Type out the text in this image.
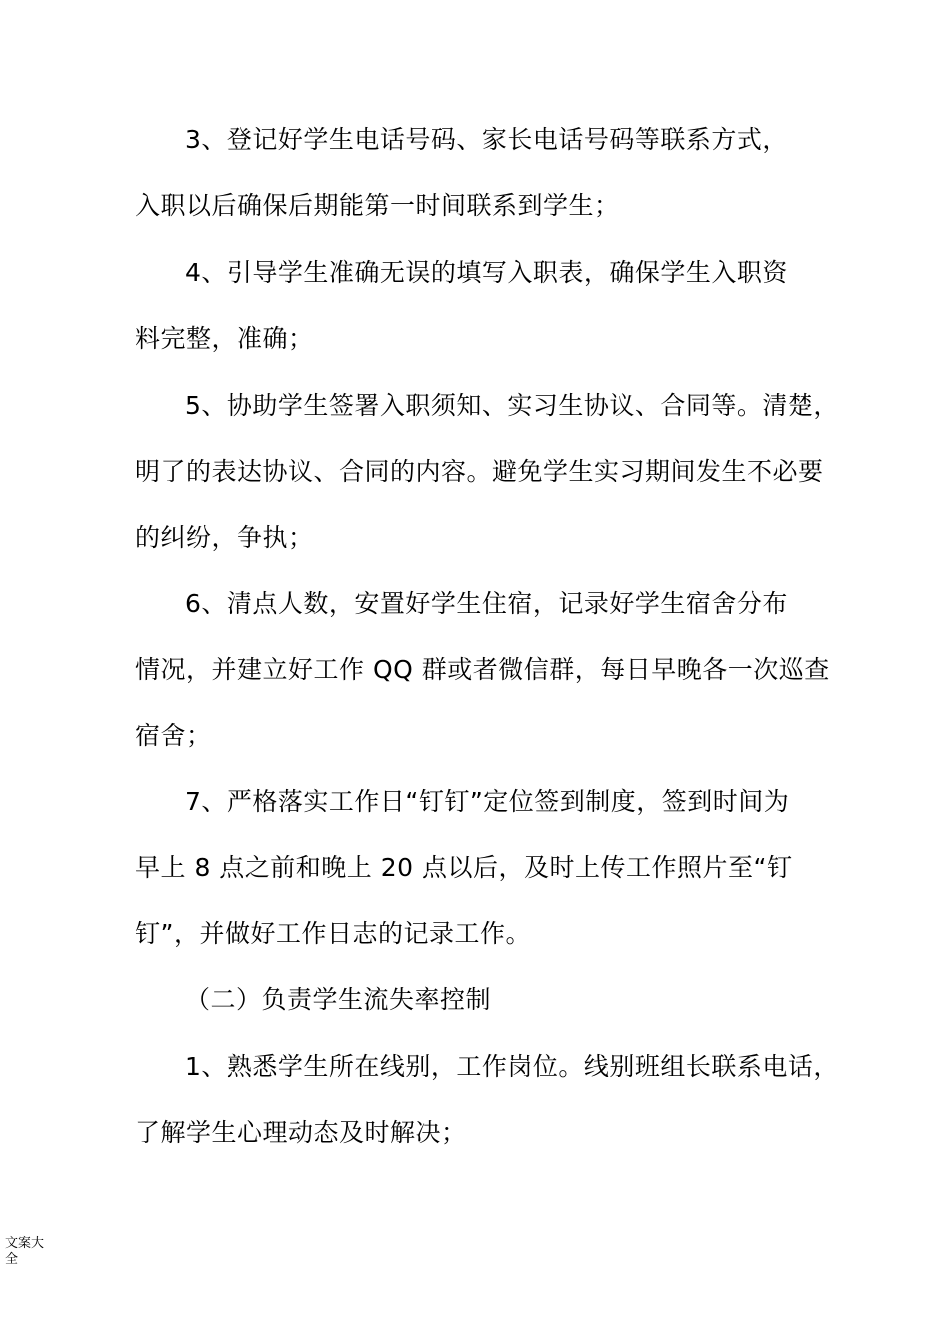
3、登记好学生电话号码、家长电话号码等联系方式，

入职以后确保后期能第一时间联系到学生；

4、引导学生准确无误的填写入职表，确保学生入职资

料完整，准确；

5、协助学生签署入职须知、实习生协议、合同等。清楚，

明了的表达协议、合同的内容。避免学生实习期间发生不必要

的纠纷，争执；

6、清点人数，安置好学生住宿，记录好学生宿舍分布

情况，并建立好工作 QQ 群或者微信群，每日早晚各一次巡查

宿舍；

7、严格落实工作日“钉钉”定位签到制度，签到时间为

早上 8 点之前和晚上 20 点以后，及时上传工作照片至“钉

钉”，并做好工作日志的记录工作。

（二）负责学生流失率控制

1、熟悉学生所在线别，工作岗位。线别班组长联系电话，

了解学生心理动态及时解决；

文案大全
